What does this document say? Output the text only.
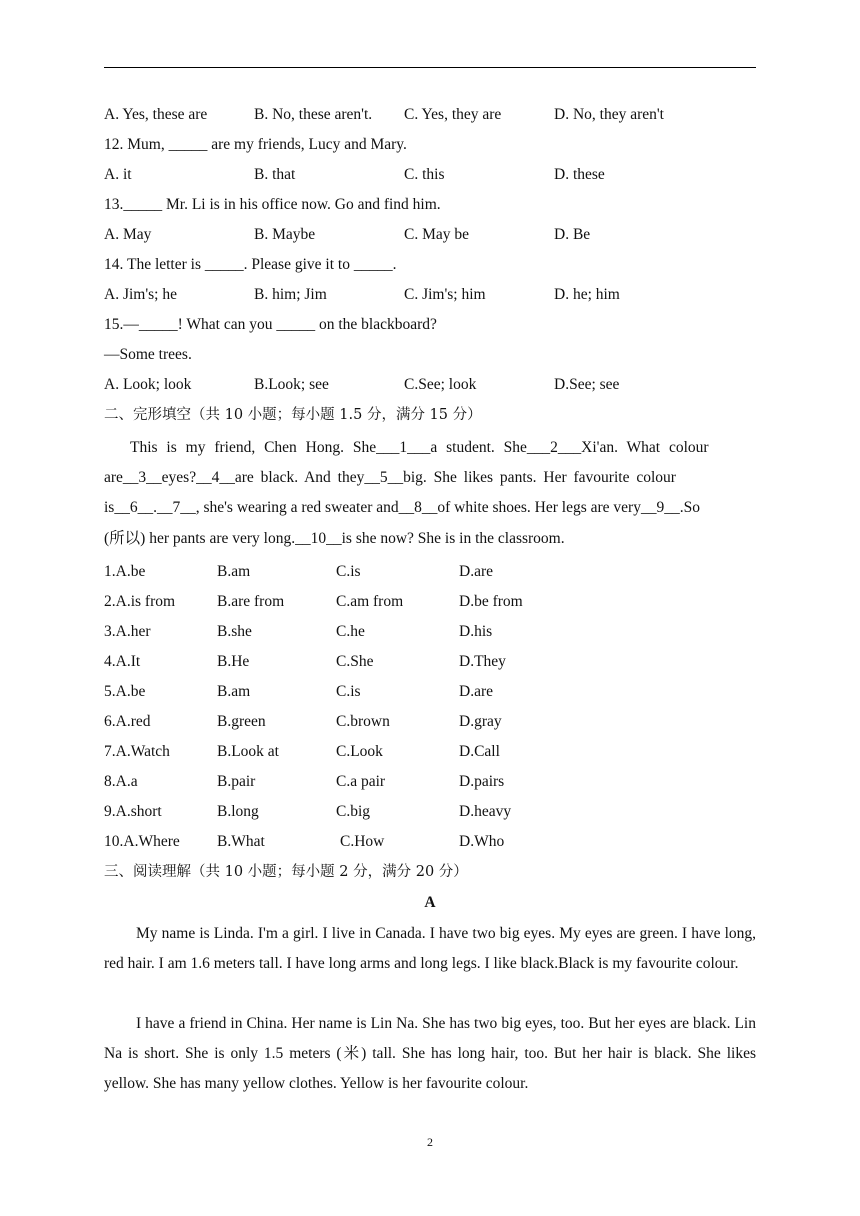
A. Yes, these are	B. No, these aren't. C. Yes, they are	D. No, they aren't
12. Mum, _____ are my friends, Lucy and Mary.
A. it	B. that	C. this	D. these
13._____ Mr. Li is in his office now. Go and find him.
A. May	B. Maybe	C. May be	D. Be
14. The letter is _____. Please give it to _____.
A. Jim's; he	B. him; Jim	C. Jim's; him	D. he; him
15.—_____! What can you _____ on the blackboard?
—Some trees.
A. Look; look	B.Look; see	C.See; look	D.See; see
二、完形填空（共 10 小题；每小题 1.5 分，满分 15 分）
This is my friend, Chen Hong. She___1___a student. She___2___Xi'an. What colour
are__3__eyes?__4__are black. And they__5__big. She likes pants. Her favourite colour
is__6__.__7__, she's wearing a red sweater and__8__of white shoes. Her legs are very__9__.So
(所以) her pants are very long.__10__is she now? She is in the classroom.
1.A.be	B.am	C.is	D.are
2.A.is from	B.are from	C.am from	D.be from
3.A.her	B.she	C.he	D.his
4.A.It	B.He	C.She	D.They
5.A.be	B.am	C.is	D.are
6.A.red	B.green	C.brown	D.gray
7.A.Watch	B.Look at	C.Look	D.Call
8.A.a	B.pair	C.a pair	D.pairs
9.A.short	B.long	C.big	D.heavy
10.A.Where B.What	C.How	D.Who
三、阅读理解（共 10 小题；每小题 2 分，满分 20 分）
A
My name is Linda. I'm a girl. I live in Canada. I have two big eyes. My eyes are green. I have long, red hair. I am 1.6 meters tall. I have long arms and long legs. I like black.Black is my favourite colour.
I have a friend in China. Her name is Lin Na. She has two big eyes, too. But her eyes are black. Lin Na is short. She is only 1.5 meters (米) tall. She has long hair, too. But her hair is black. She likes yellow. She has many yellow clothes. Yellow is her favourite colour.
2
